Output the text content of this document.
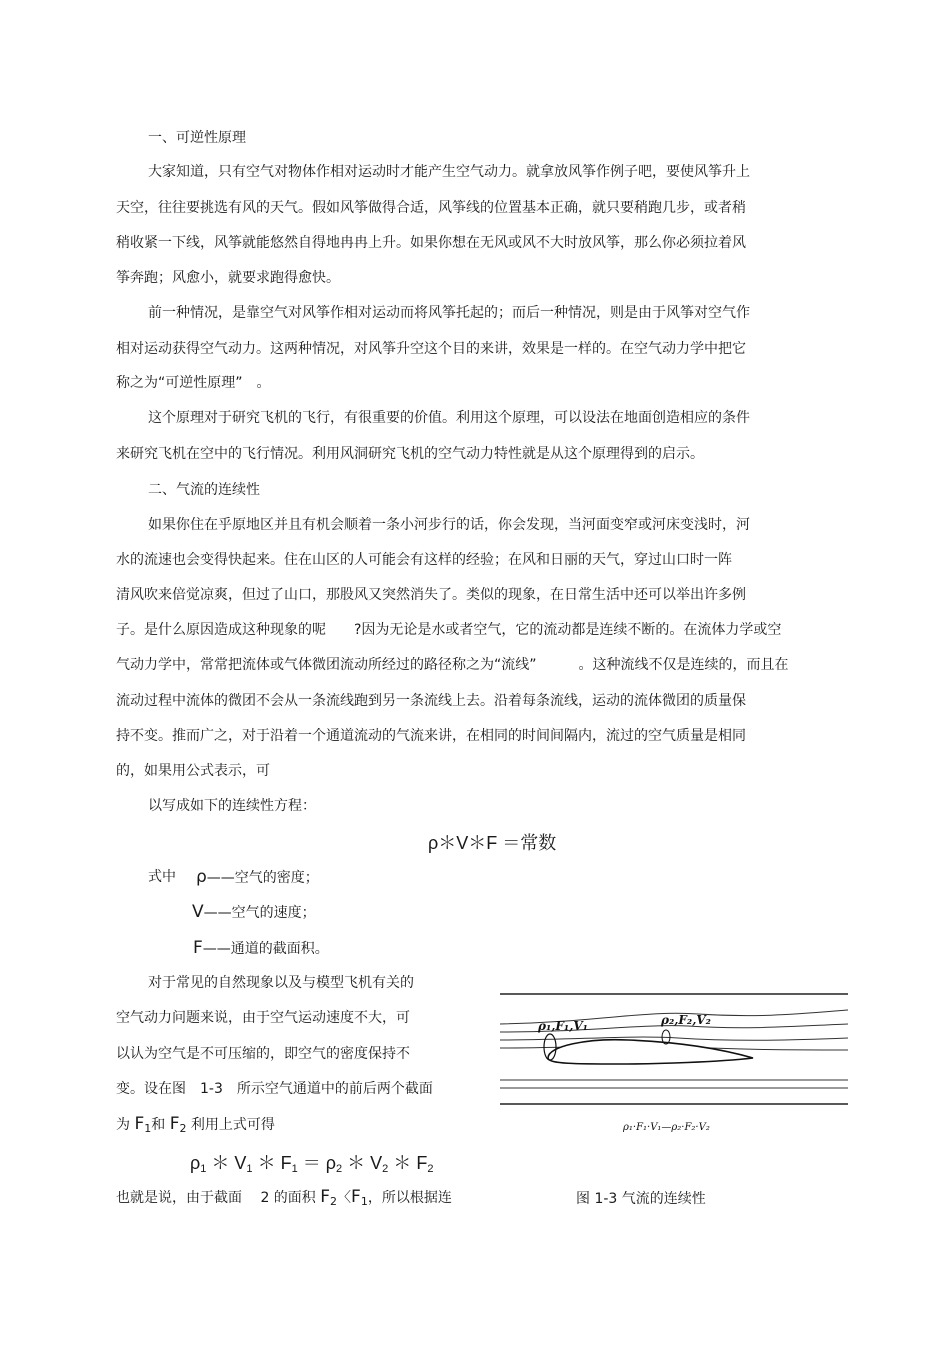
一、可逆性原理
大家知道，只有空气对物体作相对运动时才能产生空气动力。就拿放风筝作例子吧，要使风筝升上
天空，往往要挑选有风的天气。假如风筝做得合适，风筝线的位置基本正确，就只要稍跑几步，或者稍
稍收紧一下线，风筝就能悠然自得地冉冉上升。如果你想在无风或风不大时放风筝，那么你必须拉着风
筝奔跑；风愈小，就要求跑得愈快。
前一种情况，是靠空气对风筝作相对运动而将风筝托起的；而后一种情况，则是由于风筝对空气作
相对运动获得空气动力。这两种情况，对风筝升空这个目的来讲，效果是一样的。在空气动力学中把它
称之为“可逆性原理”　。
这个原理对于研究飞机的飞行，有很重要的价值。利用这个原理，可以设法在地面创造相应的条件
来研究飞机在空中的飞行情况。利用风洞研究飞机的空气动力特性就是从这个原理得到的启示。
二、气流的连续性
如果你住在乎原地区并且有机会顺着一条小河步行的话，你会发现，当河面变窄或河床变浅时，河
水的流速也会变得快起来。住在山区的人可能会有这样的经验；在风和日丽的天气，穿过山口时一阵
清风吹来倍觉凉爽，但过了山口，那股风又突然消失了。类似的现象，在日常生活中还可以举出许多例
子。是什么原因造成这种现象的呢　　?因为无论是水或者空气，它的流动都是连续不断的。在流体力学或空
气动力学中，常常把流体或气体微团流动所经过的路径称之为“流线”　　　。这种流线不仅是连续的，而且在
流动过程中流体的微团不会从一条流线跑到另一条流线上去。沿着每条流线，运动的流体微团的质量保
持不变。推而广之，对于沿着一个通道流动的气流来讲，在相同的时间间隔内，流过的空气质量是相同
的，如果用公式表示，可
以写成如下的连续性方程：
ρ＊V＊F ＝常数
式中 ρ——空气的密度；
V——空气的速度；
F——通道的截面积。
对于常见的自然现象以及与模型飞机有关的
空气动力问题来说，由于空气运动速度不大，可
以认为空气是不可压缩的，即空气的密度保持不
变。设在图　1-3　所示空气通道中的前后两个截面
为 $F_1$和 $F_2$ 利用上式可得
$\rho_1$ ＊ $V_1$ ＊ $F_1 = \rho_2$ ＊ $V_2$ ＊ $F_2$
也就是说，由于截面　 2 的面积 $F_2$〈$F_1$，所以根据连
ρ₁,F₁,V₁	ρ₂,F₂,V₂
ρ₁·F₁·V₁—ρ₂·F₂·V₂
图 1-3 气流的连续性
